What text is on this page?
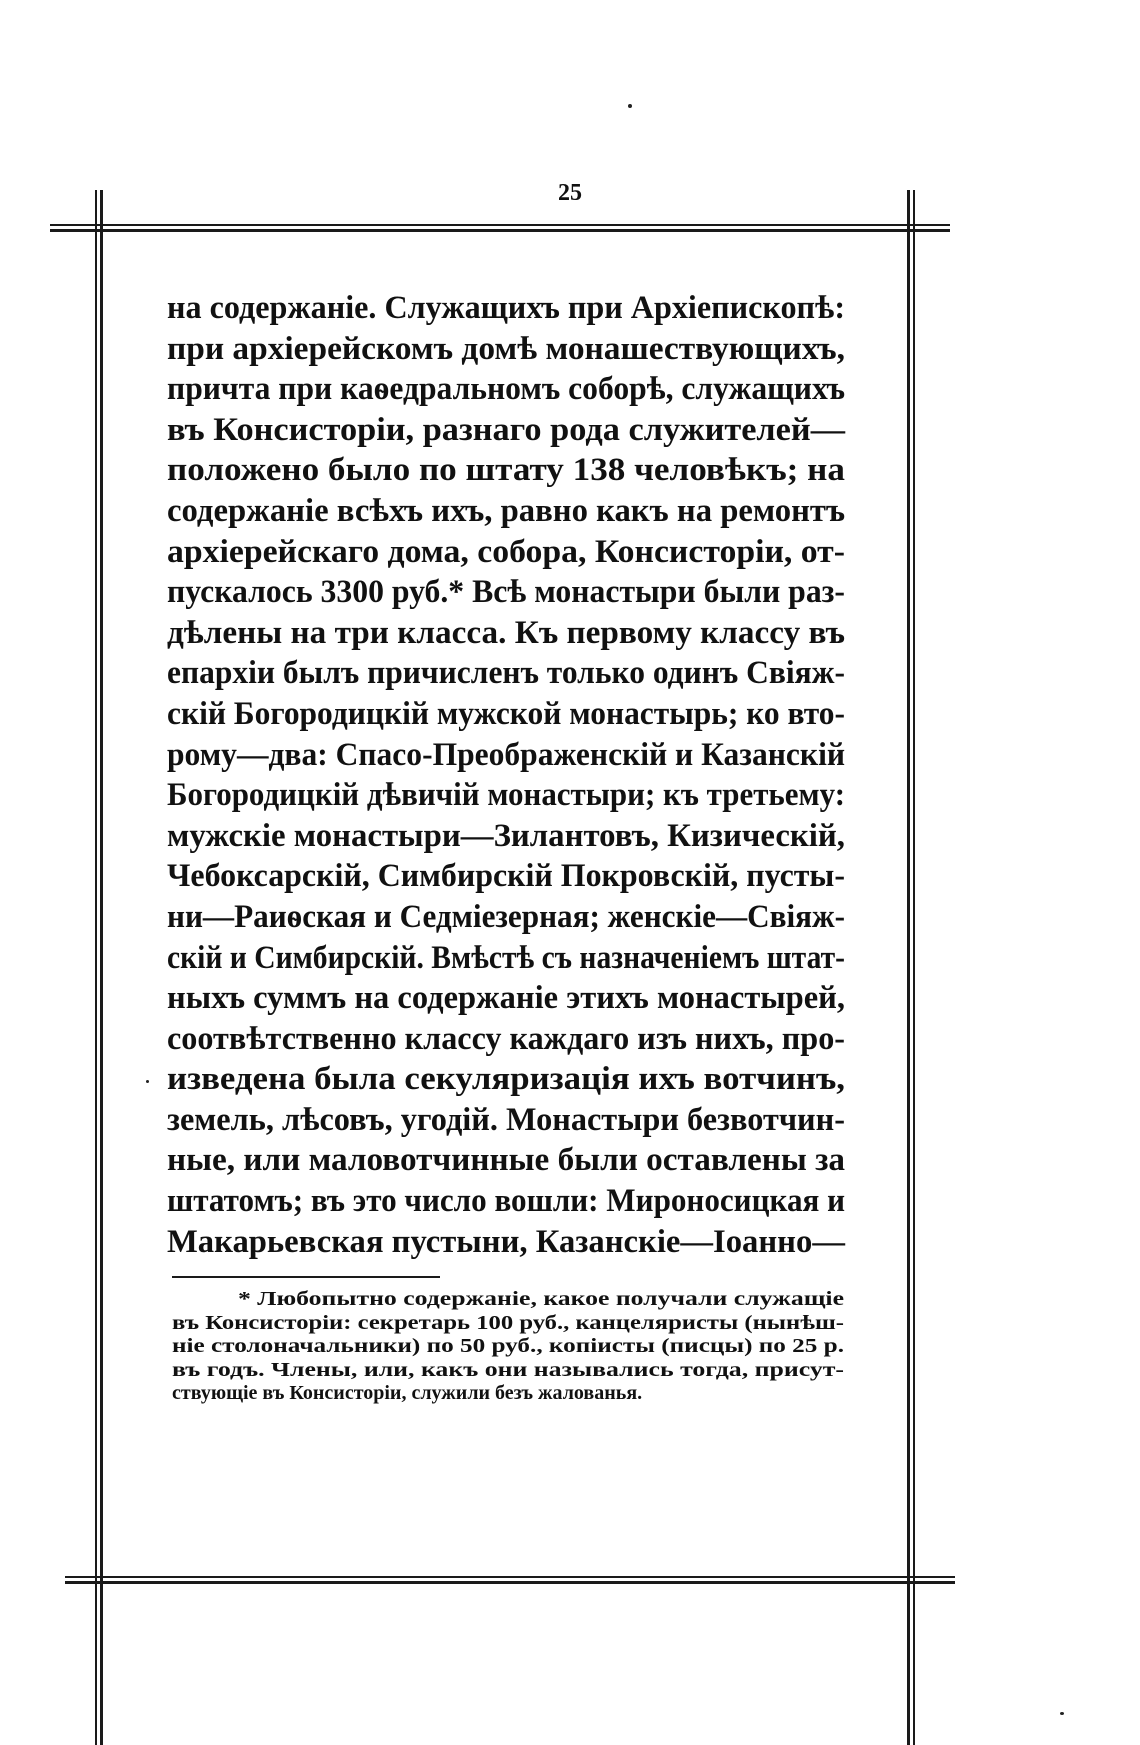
25
на содержаніе. Служащихъ при Архіепископѣ:
при архіерейскомъ домѣ монашествующихъ,
причта при каѳедральномъ соборѣ, служащихъ
въ Консисторіи, разнаго рода служителей—
положено было по штату 138 человѣкъ; на
содержаніе всѣхъ ихъ, равно какъ на ремонтъ
архіерейскаго дома, собора, Консисторіи, от-
пускалось 3300 руб.* Всѣ монастыри были раз-
дѣлены на три класса. Къ первому классу въ
епархіи былъ причисленъ только одинъ Свіяж-
скій Богородицкій мужской монастырь; ко вто-
рому—два: Спасо-Преображенскій и Казанскій
Богородицкій дѣвичій монастыри; къ третьему:
мужскіе монастыри—Зилантовъ, Кизическій,
Чебоксарскій, Симбирскій Покровскій, пусты-
ни—Раиѳская и Седміезерная; женскіе—Свіяж-
скій и Симбирскій. Вмѣстѣ съ назначеніемъ штат-
ныхъ суммъ на содержаніе этихъ монастырей,
соотвѣтственно классу каждаго изъ нихъ, про-
изведена была секуляризація ихъ вотчинъ,
земель, лѣсовъ, угодій. Монастыри безвотчин-
ные, или маловотчинные были оставлены за
штатомъ; въ это число вошли: Мироносицкая и
Макарьевская пустыни, Казанскіе—Іоанно—
* Любопытно содержаніе, какое получали служащіе
въ Консисторіи: секретарь 100 руб., канцеляристы (нынѣш-
ніе столоначальники) по 50 руб., копіисты (писцы) по 25 р.
въ годъ. Члены, или, какъ они назывались тогда, присут-
ствующіе въ Консисторіи, служили безъ жалованья.
